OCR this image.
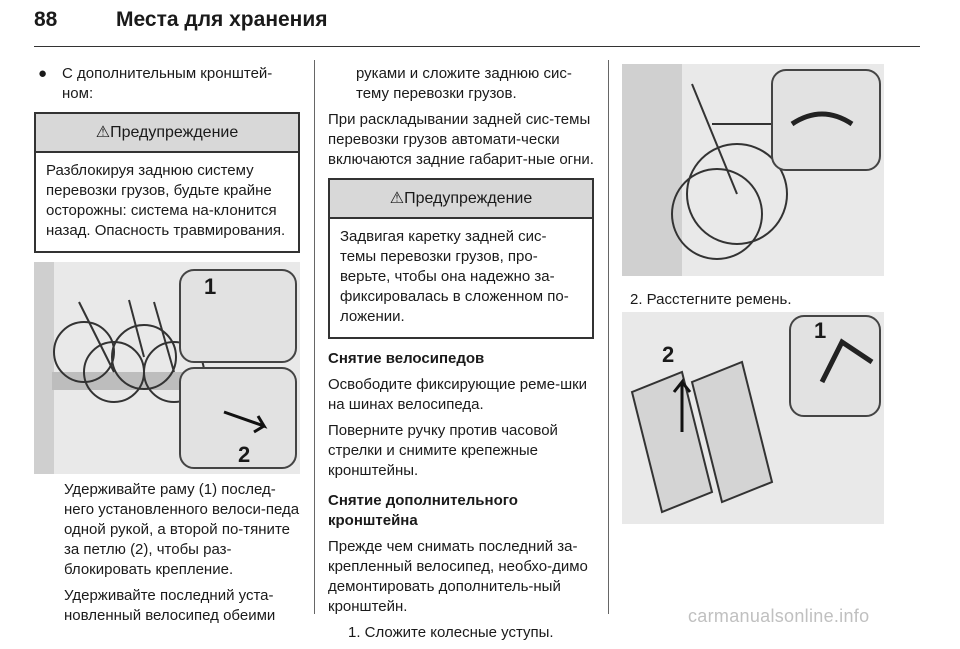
88	Места для хранения

● С дополнительным кронштей-ном:

⚠Предупреждение
Разблокируя заднюю систему перевозки грузов, будьте крайне осторожны: система на-клонится назад. Опасность травмирования.
1
2

Удерживайте раму (1) послед-него установленного велоси-педа одной рукой, а второй по-тяните за петлю (2), чтобы раз-блокировать крепление.

Удерживайте последний уста-новленный велосипед обеими

руками и сложите заднюю сис-тему перевозки грузов.

При раскладывании задней сис-темы перевозки грузов автомати-чески включаются задние габарит-ные огни.

⚠Предупреждение
Задвигая каретку задней сис-темы перевозки грузов, про-верьте, чтобы она надежно за-фиксировалась в сложенном по-ложении.

Снятие велосипедов

Освободите фиксирующие реме-шки на шинах велосипеда.

Поверните ручку против часовой стрелки и снимите крепежные кронштейны.

Снятие дополнительного кронштейна

Прежде чем снимать последний за-крепленный велосипед, необхо-димо демонтировать дополнитель-ный кронштейн.

1. Сложите колесные уступы.

2. Расстегните ремень.

1
2
carmanualsonline.info
